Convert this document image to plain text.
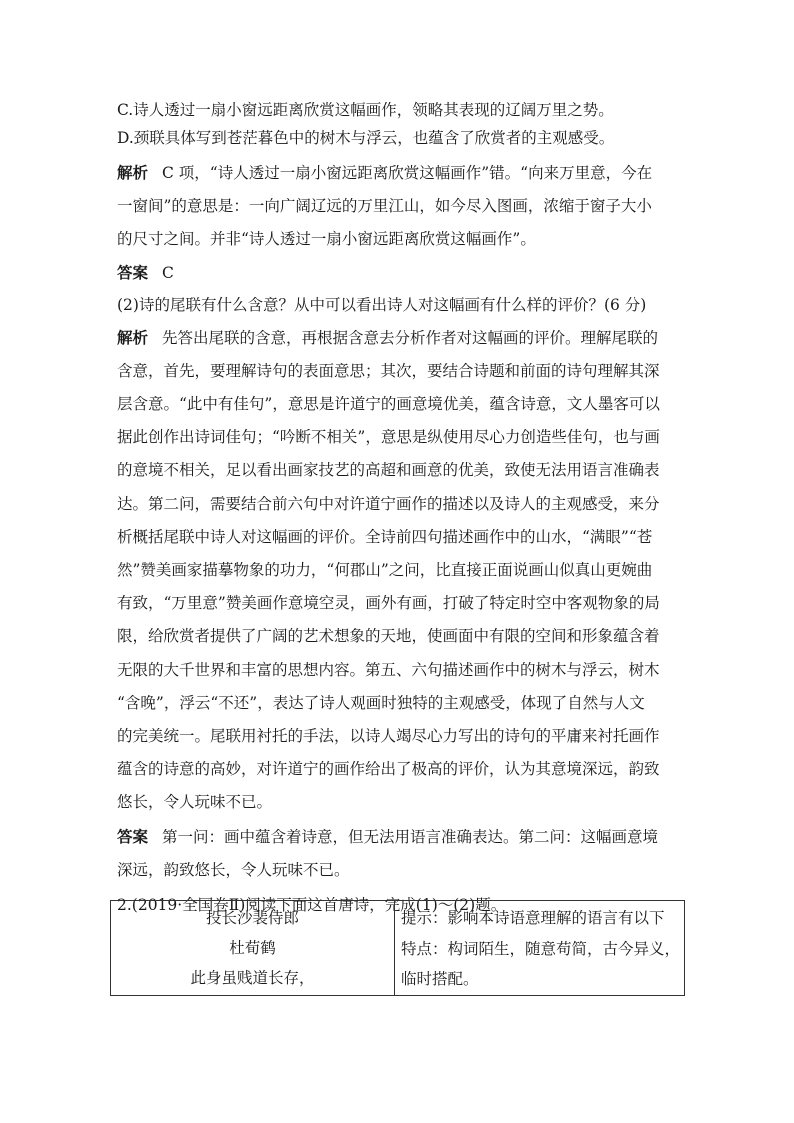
C.诗人透过一扇小窗远距离欣赏这幅画作，领略其表现的辽阔万里之势。

D.颈联具体写到苍茫暮色中的树木与浮云，也蕴含了欣赏者的主观感受。

解析 C 项，“诗人透过一扇小窗远距离欣赏这幅画作”错。“向来万里意，今在

一窗间”的意思是：一向广阔辽远的万里江山，如今尽入图画，浓缩于窗子大小

的尺寸之间。并非“诗人透过一扇小窗远距离欣赏这幅画作”。

答案 C

(2)诗的尾联有什么含意？从中可以看出诗人对这幅画有什么样的评价？(6 分)

解析 先答出尾联的含意，再根据含意去分析作者对这幅画的评价。理解尾联的

含意，首先，要理解诗句的表面意思；其次，要结合诗题和前面的诗句理解其深

层含意。“此中有佳句”，意思是许道宁的画意境优美，蕴含诗意，文人墨客可以

据此创作出诗词佳句；“吟断不相关”，意思是纵使用尽心力创造些佳句，也与画

的意境不相关，足以看出画家技艺的高超和画意的优美，致使无法用语言准确表

达。第二问，需要结合前六句中对许道宁画作的描述以及诗人的主观感受，来分

析概括尾联中诗人对这幅画的评价。全诗前四句描述画作中的山水，“满眼”“苍

然”赞美画家描摹物象的功力，“何郡山”之问，比直接正面说画山似真山更婉曲

有致，“万里意”赞美画作意境空灵，画外有画，打破了特定时空中客观物象的局

限，给欣赏者提供了广阔的艺术想象的天地，使画面中有限的空间和形象蕴含着

无限的大千世界和丰富的思想内容。第五、六句描述画作中的树木与浮云，树木

“含晚”，浮云“不还”，表达了诗人观画时独特的主观感受，体现了自然与人文

的完美统一。尾联用衬托的手法，以诗人竭尽心力写出的诗句的平庸来衬托画作

蕴含的诗意的高妙，对许道宁的画作给出了极高的评价，认为其意境深远，韵致

悠长，令人玩味不已。

答案 第一问：画中蕴含着诗意，但无法用语言准确表达。第二问：这幅画意境

深远，韵致悠长，令人玩味不已。

2.(2019·全国卷Ⅱ)阅读下面这首唐诗，完成(1)～(2)题。

投长沙裴侍郎
杜荀鹤
此身虽贱道长存，
提示：影响本诗语意理解的语言有以下
特点：构词陌生，随意苟简，古今异义，
临时搭配。
